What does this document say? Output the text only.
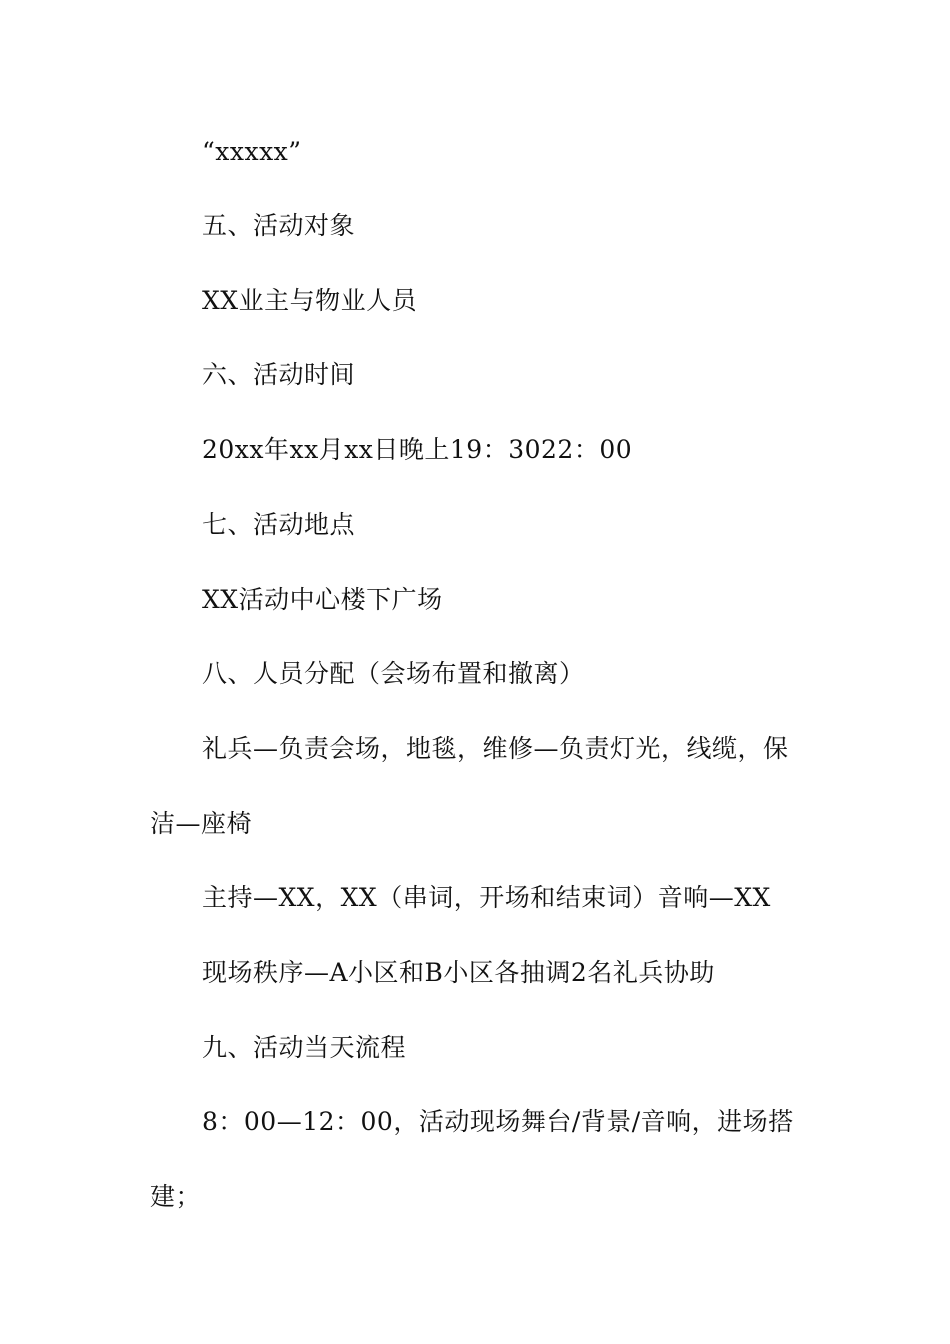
“xxxxx”
五、活动对象
XX业主与物业人员
六、活动时间
20xx年xx月xx日晚上19：3022：00
七、活动地点
XX活动中心楼下广场
八、人员分配（会场布置和撤离）
礼兵—负责会场，地毯，维修—负责灯光，线缆，保
洁—座椅
主持—XX，XX（串词，开场和结束词）音响—XX
现场秩序—A小区和B小区各抽调2名礼兵协助
九、活动当天流程
8：00—12：00，活动现场舞台/背景/音响，进场搭
建；
